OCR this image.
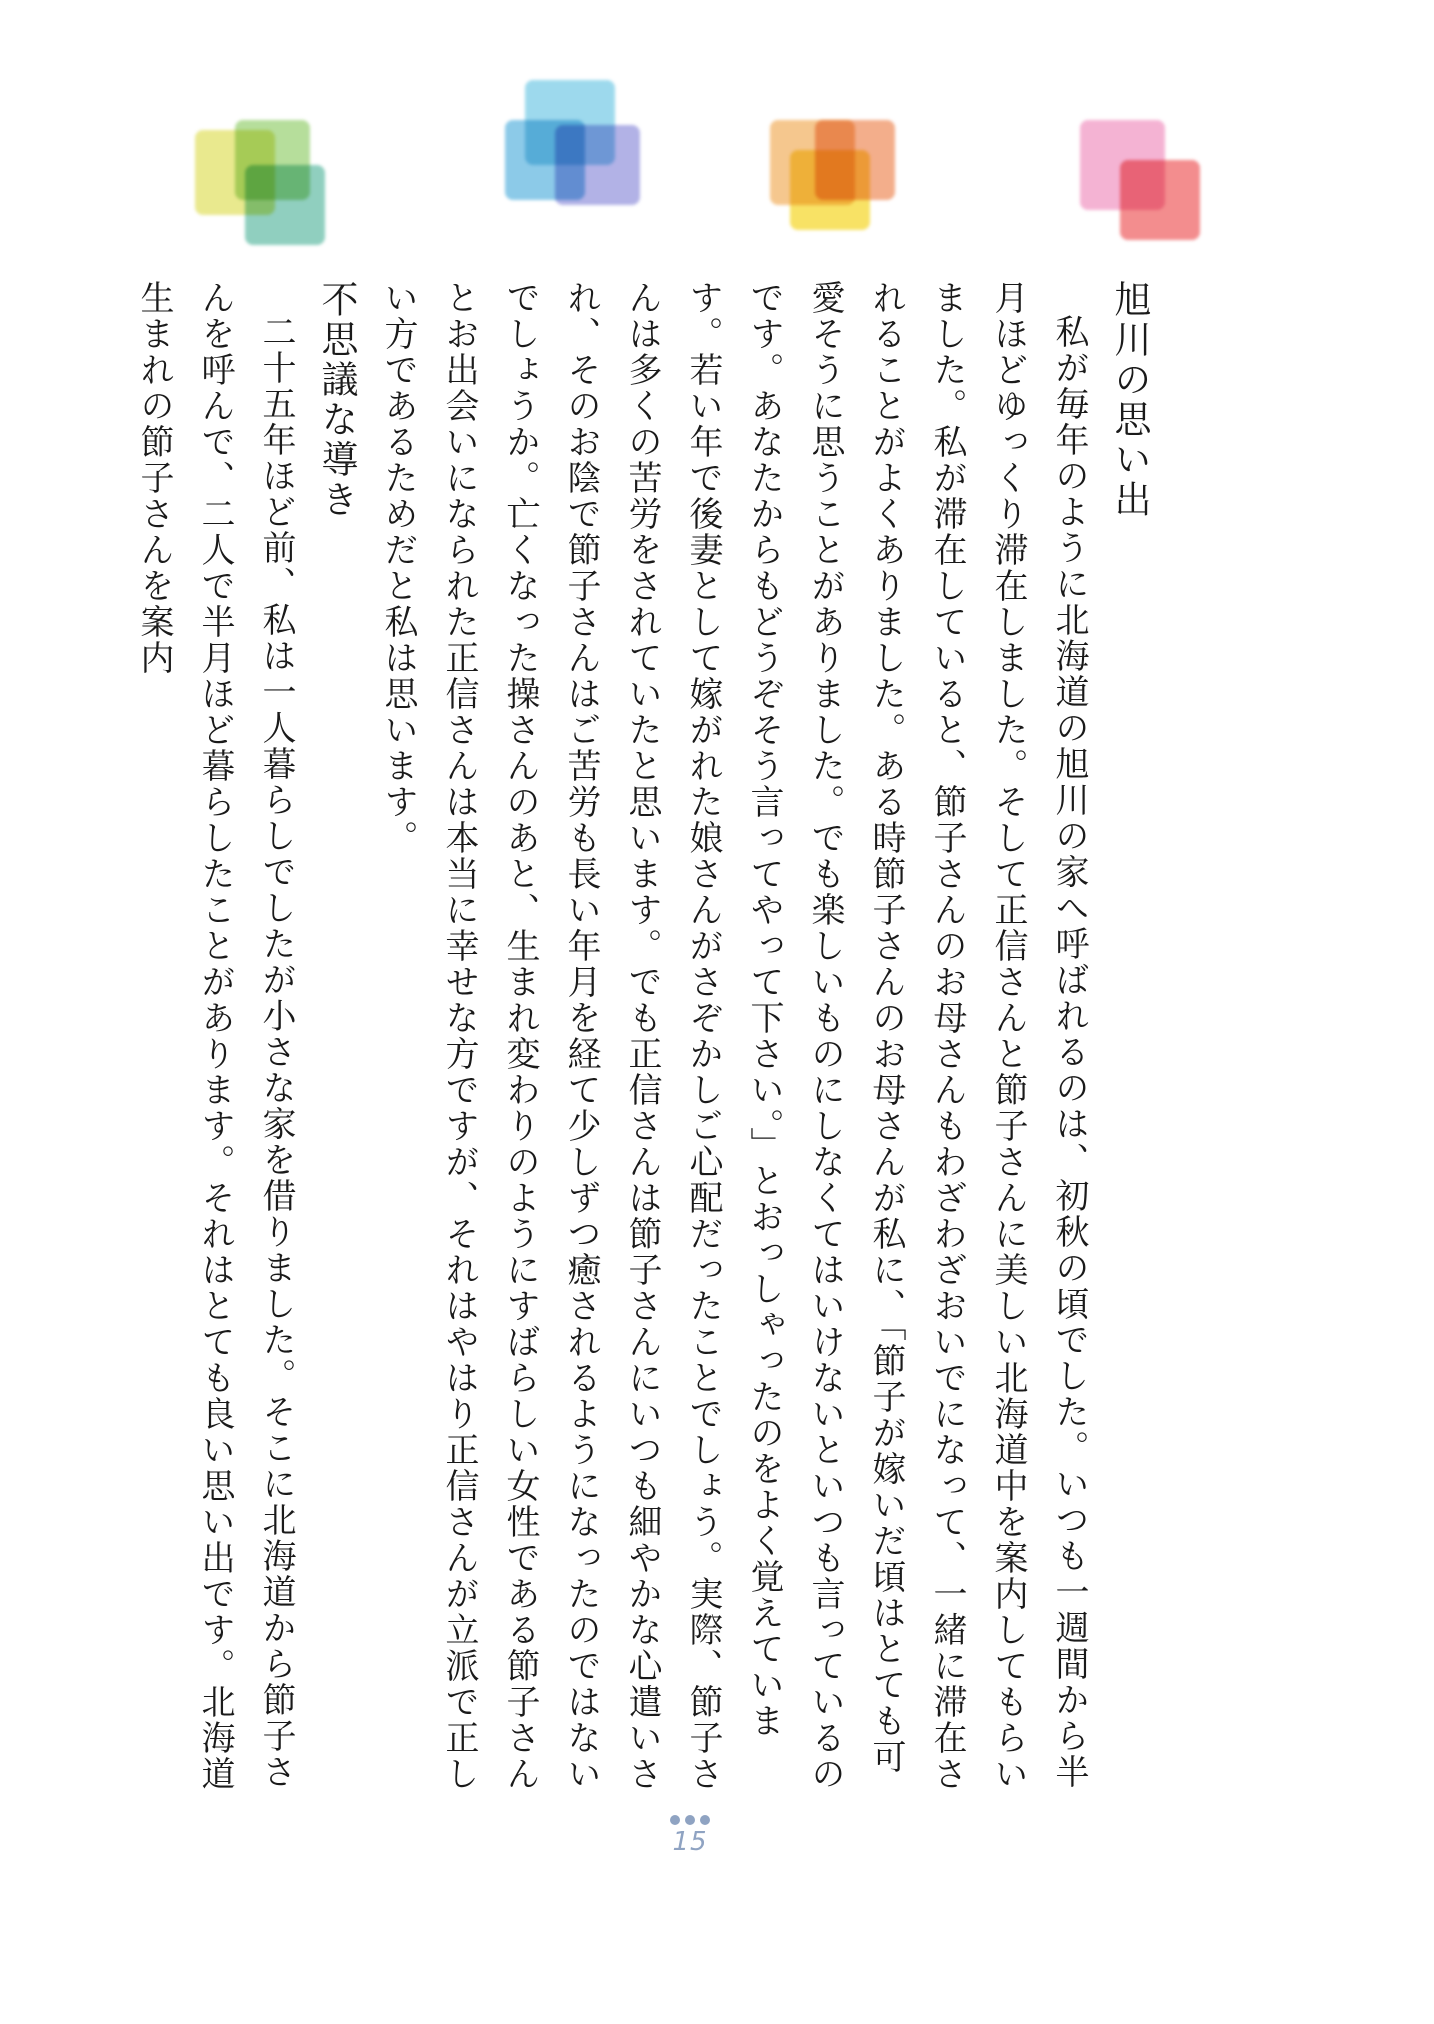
旭川の思い出

私が毎年のように北海道の旭川の家へ呼ばれるのは、初秋の頃でした。いつも一週間から半月ほどゆっくり滞在しました。そして正信さんと節子さんに美しい北海道中を案内してもらいました。私が滞在していると、節子さんのお母さんもわざわざおいでになって、一緒に滞在されることがよくありました。ある時節子さんのお母さんが私に、「節子が嫁いだ頃はとても可愛そうに思うことがありました。でも楽しいものにしなくてはいけないといつも言っているのです。あなたからもどうぞそう言ってやって下さい。」とおっしゃったのをよく覚えています。若い年で後妻として嫁がれた娘さんがさぞかしご心配だったことでしょう。実際、節子さんは多くの苦労をされていたと思います。でも正信さんは節子さんにいつも細やかな心遣いされ、そのお陰で節子さんはご苦労も長い年月を経て少しずつ癒されるようになったのではないでしょうか。亡くなった操さんのあと、生まれ変わりのようにすばらしい女性である節子さんとお出会いになられた正信さんは本当に幸せな方ですが、それはやはり正信さんが立派で正しい方であるためだと私は思います。

不思議な導き

二十五年ほど前、私は一人暮らしでしたが小さな家を借りました。そこに北海道から節子さんを呼んで、二人で半月ほど暮らしたことがあります。それはとても良い思い出です。北海道生まれの節子さんを案内

15
